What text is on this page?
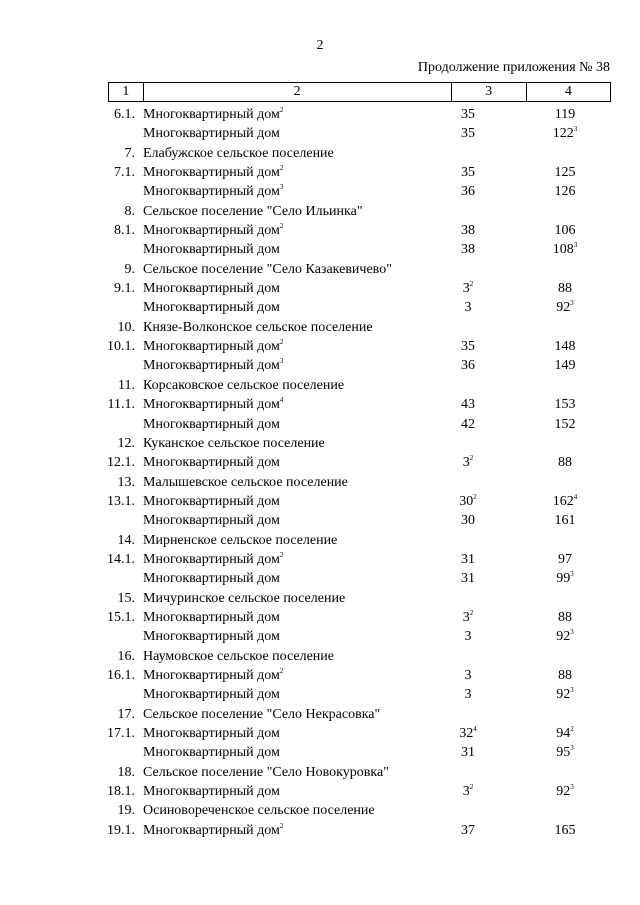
2
Продолжение приложения № 38
1	2	3	4
6.1. Многоквартирный дом$^2$	35	119
Многоквартирный дом	35	$122^3$
7. Елабужское сельское поселение
7.1. Многоквартирный дом$^2$	35	125
Многоквартирный дом$^3$	36	126
8. Сельское поселение "Село Ильинка"
8.1. Многоквартирный дом$^2$	38	106
Многоквартирный дом	38	$108^3$
9. Сельское поселение "Село Казакевичево"
9.1. Многоквартирный дом	$3^2$	88
Многоквартирный дом	3	$92^3$
10. Князе-Волконское сельское поселение
10.1. Многоквартирный дом$^2$	35	148
Многоквартирный дом$^3$	36	149
11. Корсаковское сельское поселение
11.1. Многоквартирный дом$^4$	43	153
Многоквартирный дом	42	152
12. Куканское сельское поселение
12.1. Многоквартирный дом	$3^2$	88
13. Малышевское сельское поселение
13.1. Многоквартирный дом	$30^2$	$162^4$
Многоквартирный дом	30	161
14. Мирненское сельское поселение
14.1. Многоквартирный дом$^2$	31	97
Многоквартирный дом	31	$99^3$
15. Мичуринское сельское поселение
15.1. Многоквартирный дом	$3^2$	88
Многоквартирный дом	3	$92^3$
16. Наумовское сельское поселение
16.1. Многоквартирный дом$^2$	3	88
Многоквартирный дом	3	$92^3$
17. Сельское поселение "Село Некрасовка"
17.1. Многоквартирный дом	$32^4$	$94^2$
Многоквартирный дом	31	$95^3$
18. Сельское поселение "Село Новокуровка"
18.1. Многоквартирный дом	$3^2$	$92^3$
19. Осиновореченское сельское поселение
19.1. Многоквартирный дом$^2$	37	165
